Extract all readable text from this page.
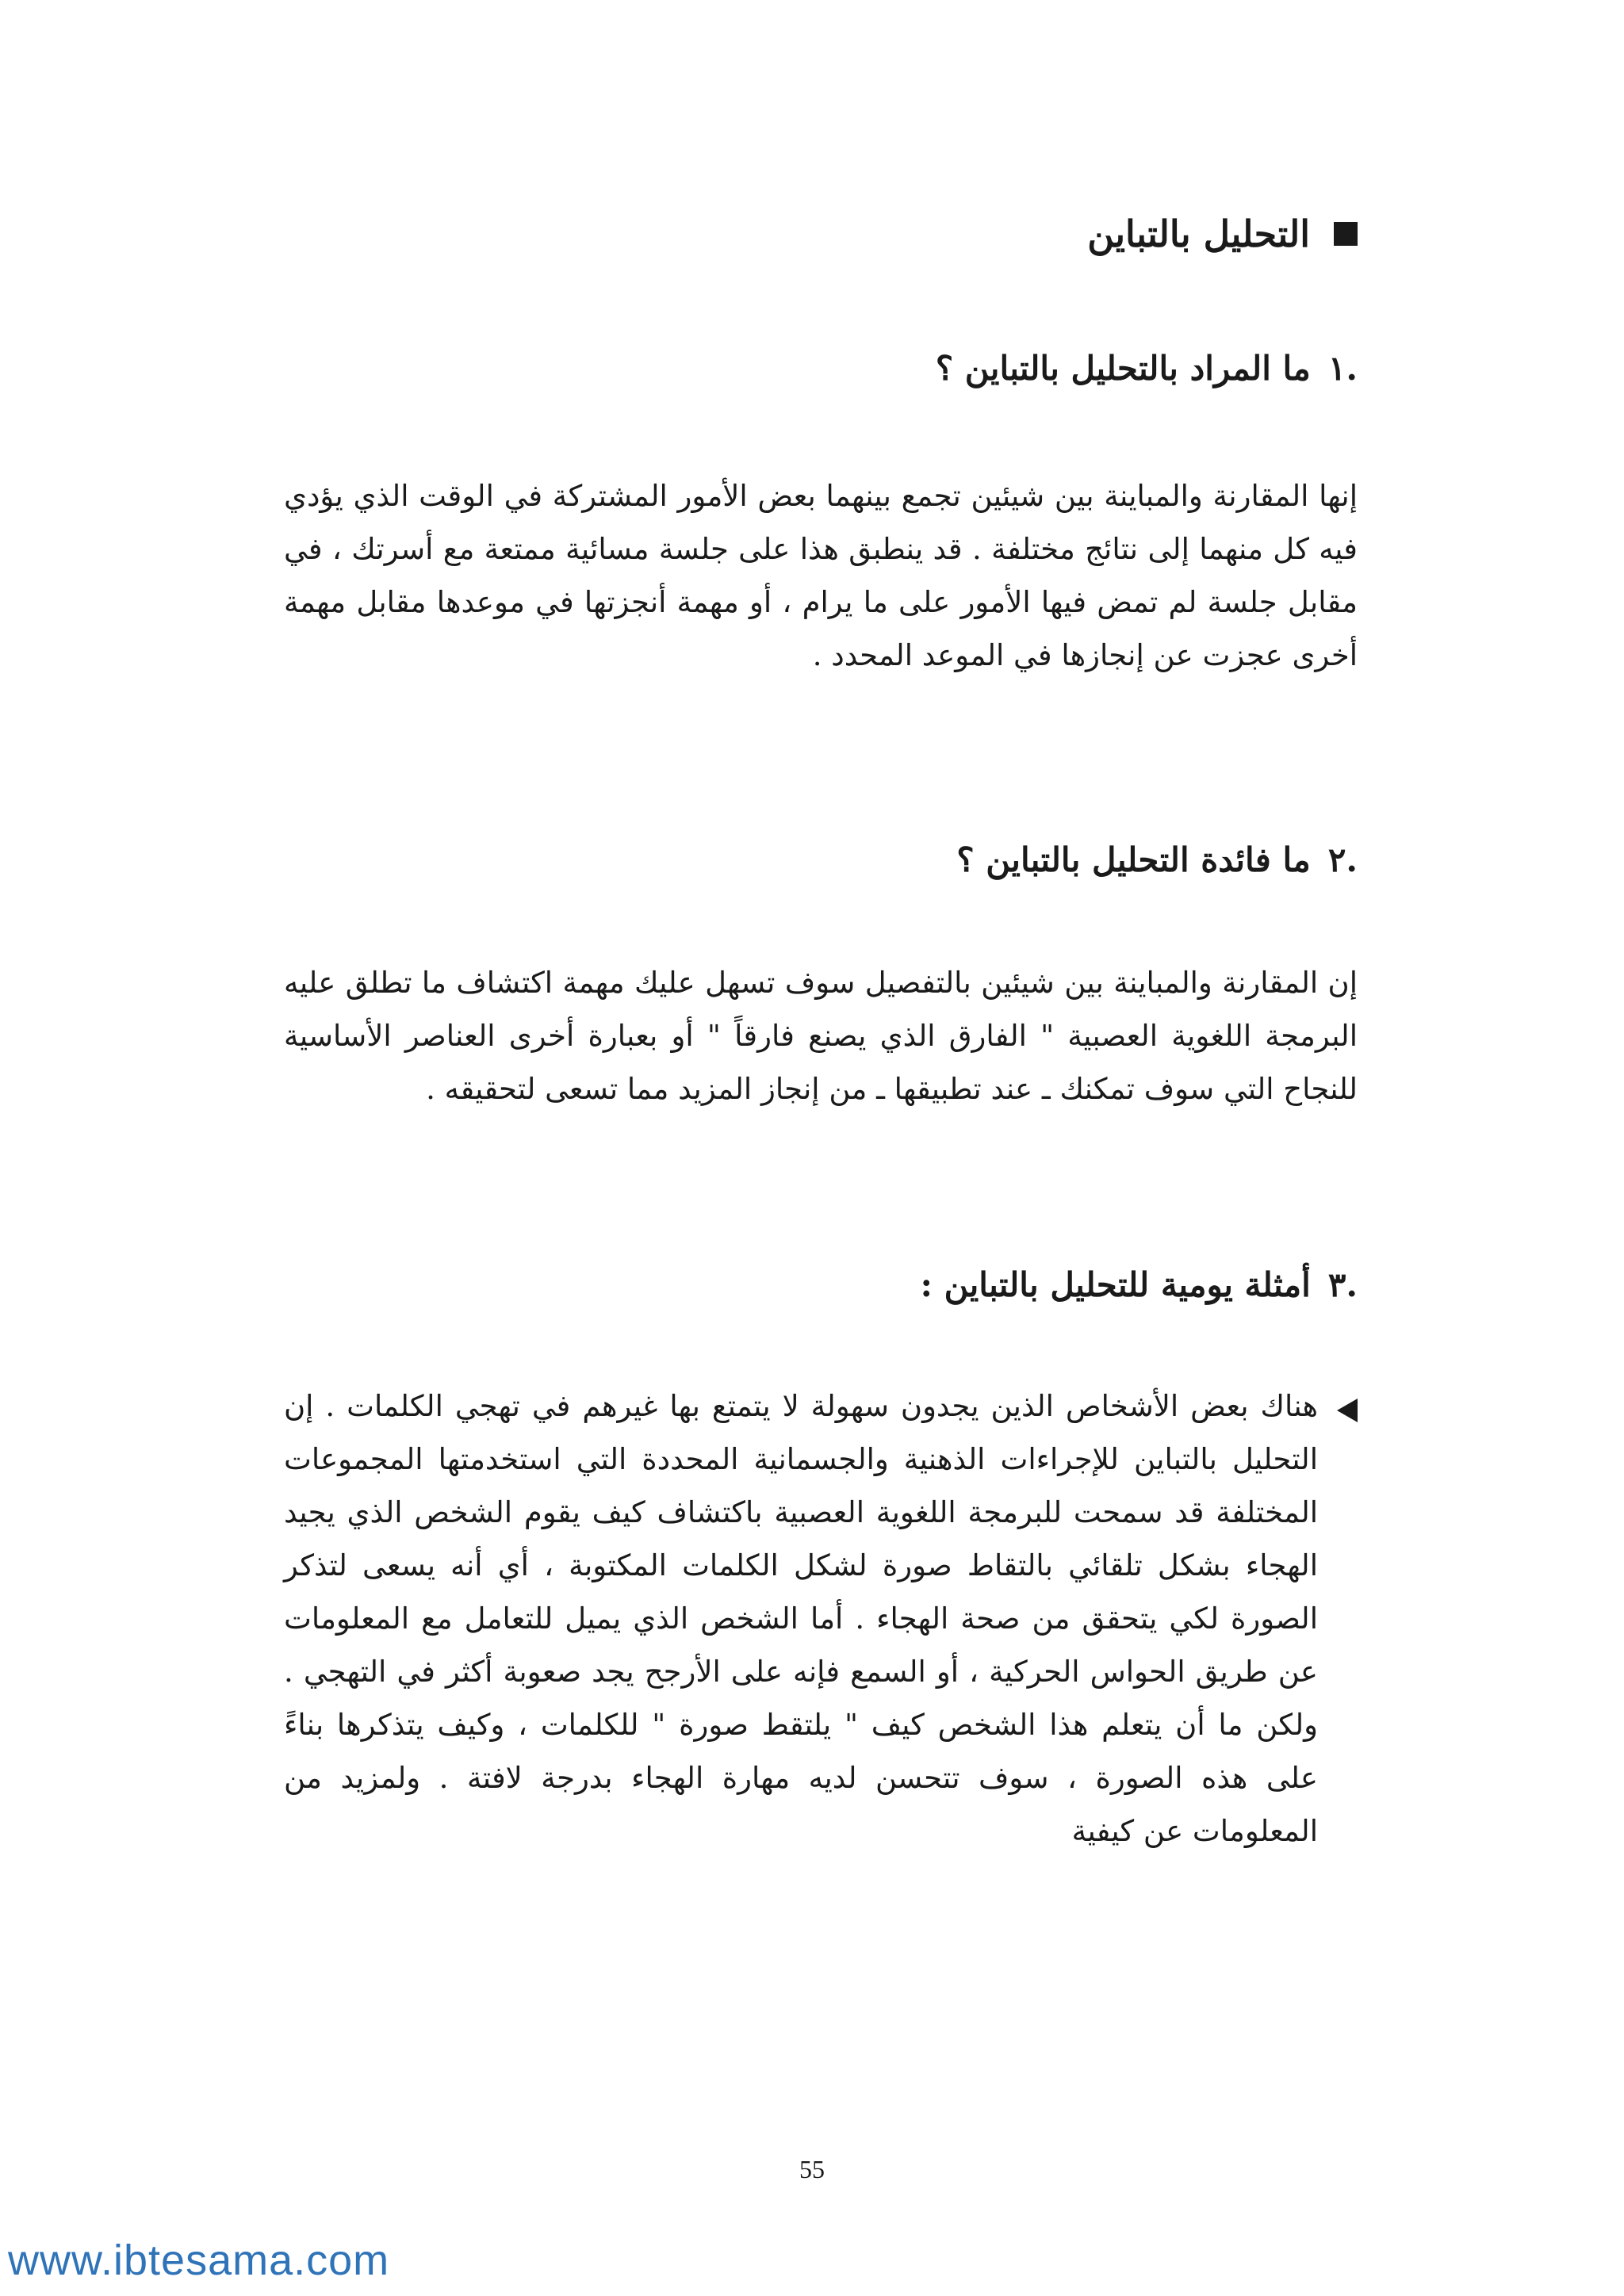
التحليل بالتباين
.١
ما المراد بالتحليل بالتباين ؟

إنها المقارنة والمباينة بين شيئين تجمع بينهما بعض الأمور المشتركة في الوقت الذي يؤدي فيه كل منهما إلى نتائج مختلفة . قد ينطبق هذا على جلسة مسائية ممتعة مع أسرتك ، في مقابل جلسة لم تمض فيها الأمور على ما يرام ، أو مهمة أنجزتها في موعدها مقابل مهمة أخرى عجزت عن إنجازها في الموعد المحدد .

.٢
ما فائدة التحليل بالتباين ؟

إن المقارنة والمباينة بين شيئين بالتفصيل سوف تسهل عليك مهمة اكتشاف ما تطلق عليه البرمجة اللغوية العصبية " الفارق الذي يصنع فارقاً " أو بعبارة أخرى العناصر الأساسية للنجاح التي سوف تمكنك ـ عند تطبيقها ـ من إنجاز المزيد مما تسعى لتحقيقه .

.٣
أمثلة يومية للتحليل بالتباين :

هناك بعض الأشخاص الذين يجدون سهولة لا يتمتع بها غيرهم في تهجي الكلمات . إن التحليل بالتباين للإجراءات الذهنية والجسمانية المحددة التي استخدمتها المجموعات المختلفة قد سمحت للبرمجة اللغوية العصبية باكتشاف كيف يقوم الشخص الذي يجيد الهجاء بشكل تلقائي بالتقاط صورة لشكل الكلمات المكتوبة ، أي أنه يسعى لتذكر الصورة لكي يتحقق من صحة الهجاء . أما الشخص الذي يميل للتعامل مع المعلومات عن طريق الحواس الحركية ، أو السمع فإنه على الأرجح يجد صعوبة أكثر في التهجي . ولكن ما أن يتعلم هذا الشخص كيف " يلتقط صورة " للكلمات ، وكيف يتذكرها بناءً على هذه الصورة ، سوف تتحسن لديه مهارة الهجاء بدرجة لافتة . ولمزيد من المعلومات عن كيفية

55
www.ibtesama.com
